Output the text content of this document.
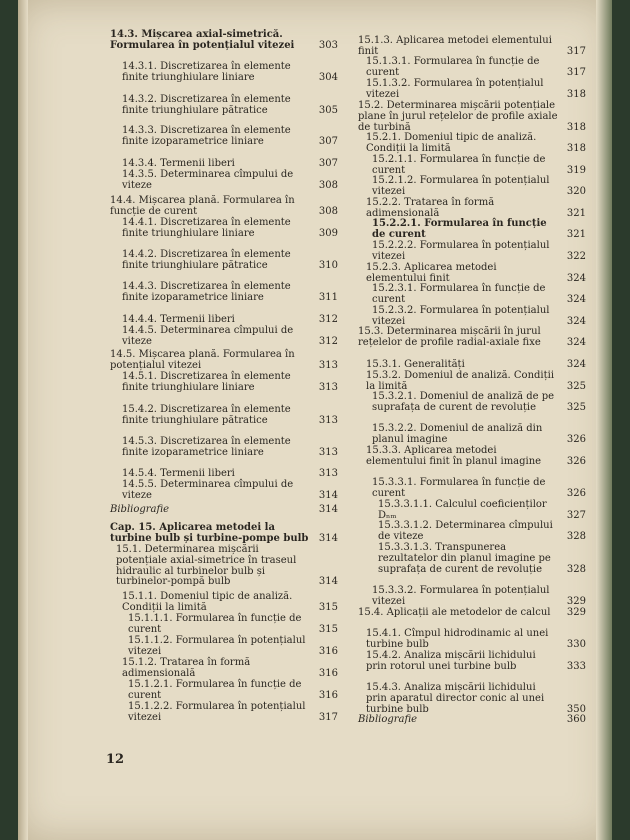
14.3. Mișcarea axial-simetrică. Formularea în potențialul vitezei	303
14.3.1. Discretizarea în elemente finite triunghiulare liniare	304
14.3.2. Discretizarea în elemente finite triunghiulare pătratice	305
14.3.3. Discretizarea în elemente finite izoparametrice liniare	307
14.3.4. Termenii liberi	307
14.3.5. Determinarea cîmpului de viteze	308
14.4. Mișcarea plană. Formularea în funcție de curent	308
14.4.1. Discretizarea în elemente finite triunghiulare liniare	309
14.4.2. Discretizarea în elemente finite triunghiulare pătratice	310
14.4.3. Discretizarea în elemente finite izoparametrice liniare	311
14.4.4. Termenii liberi	312
14.4.5. Determinarea cîmpului de viteze	312
14.5. Mișcarea plană. Formularea în potențialul vitezei	313
14.5.1. Discretizarea în elemente finite triunghiulare liniare	313
15.4.2. Discretizarea în elemente finite triunghiulare pătratice	313
14.5.3. Discretizarea în elemente finite izoparametrice liniare	313
14.5.4. Termenii liberi	313
14.5.5. Determinarea cîmpului de viteze	314
Bibliografie	314
Cap. 15. Aplicarea metodei la turbine bulb și turbine-pompe bulb	314
15.1. Determinarea mișcării potențiale axial-simetrice în traseul hidraulic al turbinelor bulb și turbinelor-pompă bulb	314
15.1.1. Domeniul tipic de analiză. Condiții la limită	315
15.1.1.1. Formularea în funcție de curent	315
15.1.1.2. Formularea în potențialul vitezei	316
15.1.2. Tratarea în formă adimensională	316
15.1.2.1. Formularea în funcție de curent	316
15.1.2.2. Formularea în potențialul vitezei	317
15.1.3. Aplicarea metodei elementului finit	317
15.1.3.1. Formularea în funcție de curent	317
15.1.3.2. Formularea în potențialul vitezei	318
15.2. Determinarea mișcării potențiale plane în jurul rețelelor de profile axiale de turbină	318
15.2.1. Domeniul tipic de analiză. Condiții la limită	318
15.2.1.1. Formularea în funcție de curent	319
15.2.1.2. Formularea în potențialul vitezei	320
15.2.2. Tratarea în formă adimensională	321
15.2.2.1. Formularea în funcție de curent	321
15.2.2.2. Formularea în potențialul vitezei	322
15.2.3. Aplicarea metodei elementului finit	324
15.2.3.1. Formularea în funcție de curent	324
15.2.3.2. Formularea în potențialul vitezei	324
15.3. Determinarea mișcării în jurul rețelelor de profile radial-axiale fixe	324
15.3.1. Generalități	324
15.3.2. Domeniul de analiză. Condiții la limită	325
15.3.2.1. Domeniul de analiză de pe suprafața de curent de revoluție	325
15.3.2.2. Domeniul de analiză din planul imagine	326
15.3.3. Aplicarea metodei elementului finit în planul imagine	326
15.3.3.1. Formularea în funcție de curent	326
15.3.3.1.1. Calculul coeficienților Dₙₘ	327
15.3.3.1.2. Determinarea cîmpului de viteze	328
15.3.3.1.3. Transpunerea rezultatelor din planul imagine pe suprafața de curent de revoluție	328
15.3.3.2. Formularea în potențialul vitezei	329
15.4. Aplicații ale metodelor de calcul	329
15.4.1. Cîmpul hidrodinamic al unei turbine bulb	330
15.4.2. Analiza mișcării lichidului prin rotorul unei turbine bulb	333
15.4.3. Analiza mișcării lichidului prin aparatul director conic al unei turbine bulb	350
Bibliografie	360
12
